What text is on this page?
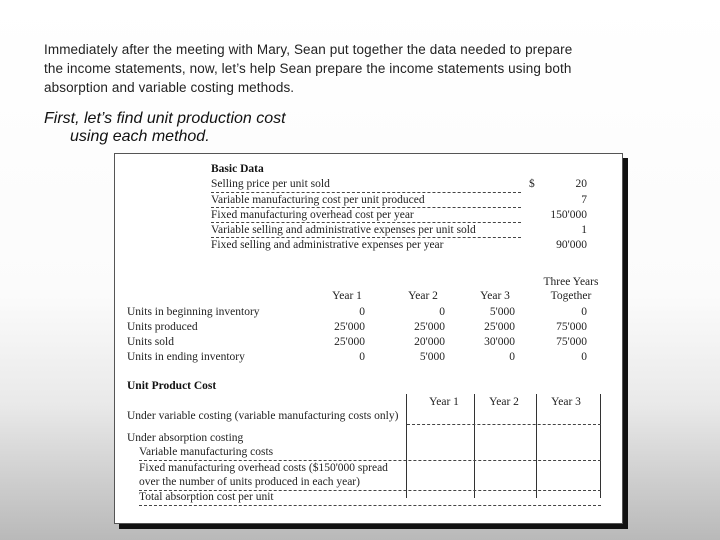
Immediately after the meeting with Mary, Sean put together the data needed to prepare
the income statements, now, let’s help Sean prepare the income statements using both
absorption and variable costing methods.
First, let’s find unit production cost
using each method.
Basic Data
Selling price per unit sold	$	20
Variable manufacturing cost per unit produced	7
Fixed manufacturing overhead cost per year	150'000
Variable selling and administrative expenses per unit sold	1
Fixed selling and administrative expenses per year	90'000
Three Years
Year 1	Year 2	Year 3	Together
Units in beginning inventory	0	0	5'000	0
Units produced	25'000	25'000	25'000	75'000
Units sold	25'000	20'000	30'000	75'000
Units in ending inventory	0	5'000	0	0
Unit Product Cost
Year 1	Year 2	Year 3
Under variable costing (variable manufacturing costs only)
Under absorption costing
Variable manufacturing costs
Fixed manufacturing overhead costs ($150'000 spread
over the number of units produced in each year)
Total absorption cost per unit
